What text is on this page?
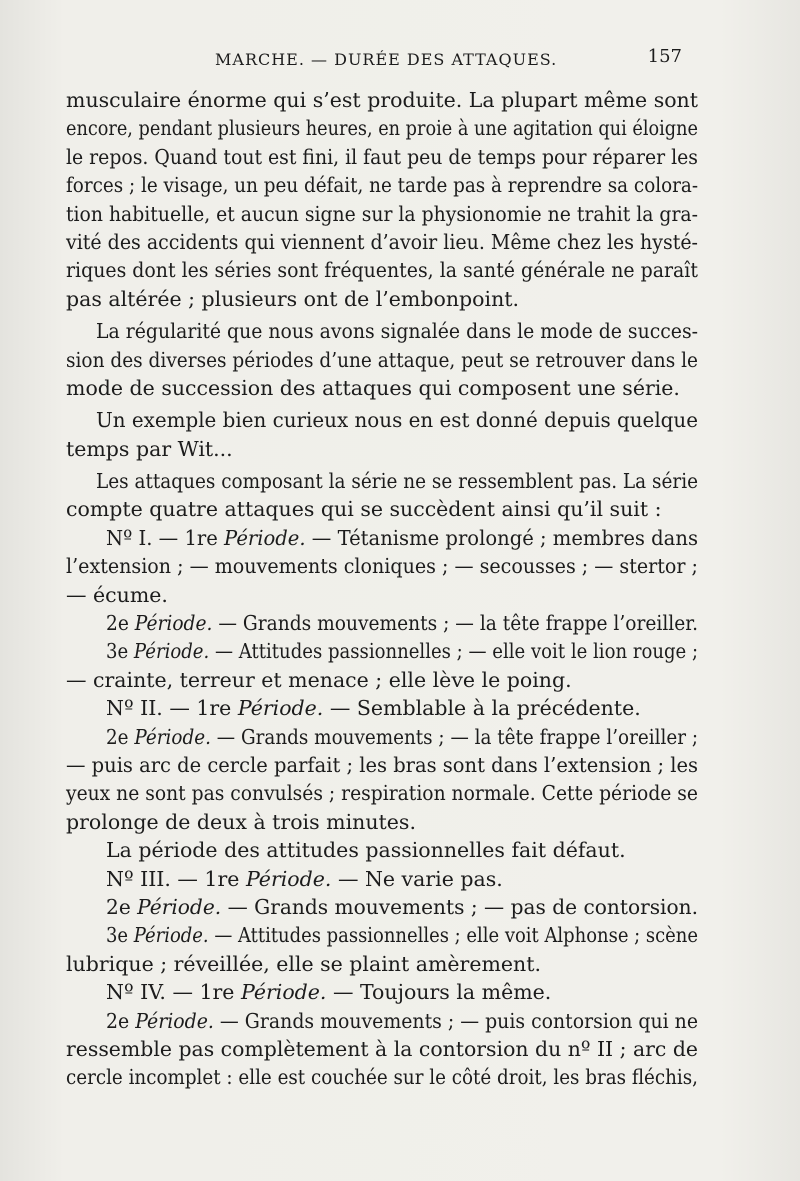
MARCHE. — DURÉE DES ATTAQUES.	157
musculaire énorme qui s’est produite. La plupart même sont
encore, pendant plusieurs heures, en proie à une agitation qui éloigne
le repos. Quand tout est fini, il faut peu de temps pour réparer les
forces ; le visage, un peu défait, ne tarde pas à reprendre sa colora-
tion habituelle, et aucun signe sur la physionomie ne trahit la gra-
vité des accidents qui viennent d’avoir lieu. Même chez les hysté-
riques dont les séries sont fréquentes, la santé générale ne paraît
pas altérée ; plusieurs ont de l’embonpoint.
La régularité que nous avons signalée dans le mode de succes-
sion des diverses périodes d’une attaque, peut se retrouver dans le
mode de succession des attaques qui composent une série.
Un exemple bien curieux nous en est donné depuis quelque
temps par Wit...
Les attaques composant la série ne se ressemblent pas. La série
compte quatre attaques qui se succèdent ainsi qu’il suit :
Nº I. — 1re Période. — Tétanisme prolongé ; membres dans
l’extension ; — mouvements cloniques ; — secousses ; — stertor ;
— écume.
2e Période. — Grands mouvements ; — la tête frappe l’oreiller.
3e Période. — Attitudes passionnelles ; — elle voit le lion rouge ;
— crainte, terreur et menace ; elle lève le poing.
Nº II. — 1re Période. — Semblable à la précédente.
2e Période. — Grands mouvements ; — la tête frappe l’oreiller ;
— puis arc de cercle parfait ; les bras sont dans l’extension ; les
yeux ne sont pas convulsés ; respiration normale. Cette période se
prolonge de deux à trois minutes.
La période des attitudes passionnelles fait défaut.
Nº III. — 1re Période. — Ne varie pas.
2e Période. — Grands mouvements ; — pas de contorsion.
3e Période. — Attitudes passionnelles ; elle voit Alphonse ; scène
lubrique ; réveillée, elle se plaint amèrement.
Nº IV. — 1re Période. — Toujours la même.
2e Période. — Grands mouvements ; — puis contorsion qui ne
ressemble pas complètement à la contorsion du nº II ; arc de
cercle incomplet : elle est couchée sur le côté droit, les bras fléchis,
